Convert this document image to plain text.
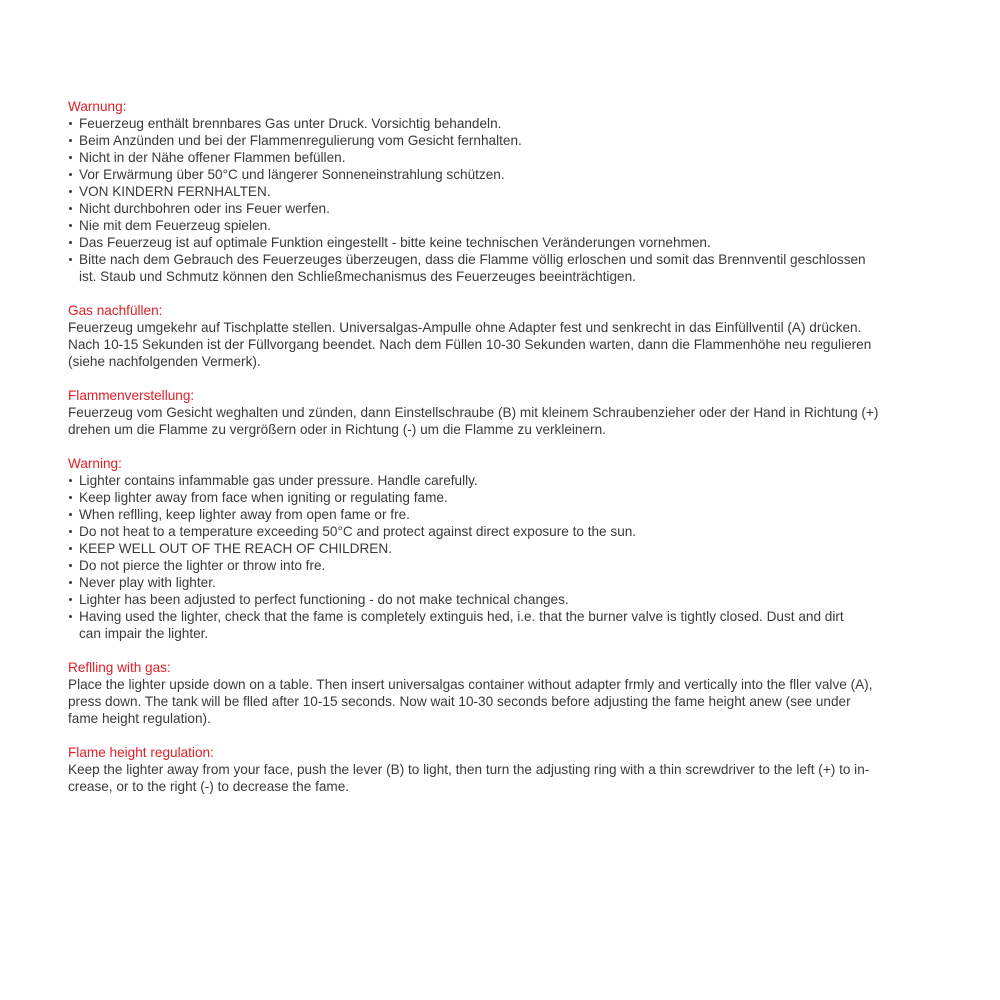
Warnung:
Feuerzeug enthält brennbares Gas unter Druck. Vorsichtig behandeln.
Beim Anzünden und bei der Flammenregulierung vom Gesicht fernhalten.
Nicht in der Nähe offener Flammen befüllen.
Vor Erwärmung über 50°C und längerer Sonneneinstrahlung schützen.
VON KINDERN FERNHALTEN.
Nicht durchbohren oder ins Feuer werfen.
Nie mit dem Feuerzeug spielen.
Das Feuerzeug ist auf optimale Funktion eingestellt - bitte keine technischen Veränderungen vornehmen.
Bitte nach dem Gebrauch des Feuerzeuges überzeugen, dass die Flamme völlig erloschen und somit das Brennventil geschlossen
ist. Staub und Schmutz können den Schließmechanismus des Feuerzeuges beeinträchtigen.
Gas nachfüllen:
Feuerzeug umgekehr auf Tischplatte stellen. Universalgas-Ampulle ohne Adapter fest und senkrecht in das Einfüllventil (A) drücken.
Nach 10-15 Sekunden ist der Füllvorgang beendet. Nach dem Füllen 10-30 Sekunden warten, dann die Flammenhöhe neu regulieren
(siehe nachfolgenden Vermerk).
Flammenverstellung:
Feuerzeug vom Gesicht weghalten und zünden, dann Einstellschraube (B) mit kleinem Schraubenzieher oder der Hand in Richtung (+)
drehen um die Flamme zu vergrößern oder in Richtung (-) um die Flamme zu verkleinern.
Warning:
Lighter contains infammable gas under pressure. Handle carefully.
Keep lighter away from face when igniting or regulating fame.
When reflling, keep lighter away from open fame or fre.
Do not heat to a temperature exceeding 50°C and protect against direct exposure to the sun.
KEEP WELL OUT OF THE REACH OF CHILDREN.
Do not pierce the lighter or throw into fre.
Never play with lighter.
Lighter has been adjusted to perfect functioning - do not make technical changes.
Having used the lighter, check that the fame is completely extinguis hed, i.e. that the burner valve is tightly closed. Dust and dirt
can impair the lighter.
Reflling with gas:
Place the lighter upside down on a table. Then insert universalgas container without adapter frmly and vertically into the fller valve (A),
press down. The tank will be flled after 10-15 seconds. Now wait 10-30 seconds before adjusting the fame height anew (see under
fame height regulation).
Flame height regulation:
Keep the lighter away from your face, push the lever (B) to light, then turn the adjusting ring with a thin screwdriver to the left (+) to in-
crease, or to the right (-) to decrease the fame.
